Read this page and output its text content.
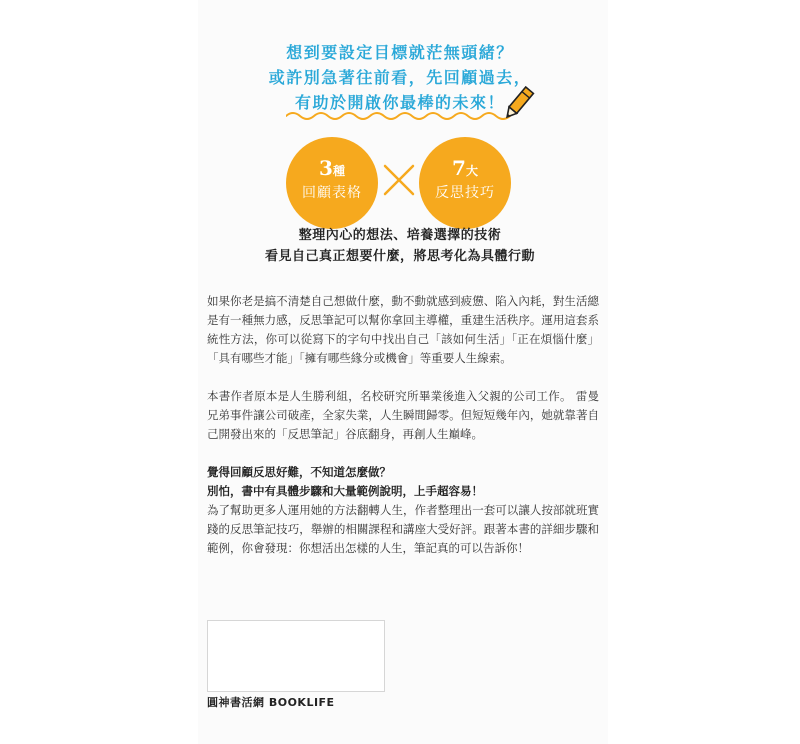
想到要設定目標就茫無頭緒？
或許別急著往前看，先回顧過去，
有助於開啟你最棒的未來！
3種
回顧表格
7大
反思技巧
整理內心的想法、培養選擇的技術
看見自己真正想要什麼，將思考化為具體行動

如果你老是搞不清楚自己想做什麼，動不動就感到疲憊、陷入內耗，對生活總是有一種無力感，反思筆記可以幫你拿回主導權，重建生活秩序。運用這套系統性方法，你可以從寫下的字句中找出自己「該如何生活」「正在煩惱什麼」「具有哪些才能」「擁有哪些緣分或機會」等重要人生線索。

本書作者原本是人生勝利組，名校研究所畢業後進入父親的公司工作。 雷曼兄弟事件讓公司破產，全家失業，人生瞬間歸零。但短短幾年內，她就靠著自己開發出來的「反思筆記」谷底翻身，再創人生巔峰。

覺得回顧反思好難，不知道怎麼做？
別怕，書中有具體步驟和大量範例說明，上手超容易！
為了幫助更多人運用她的方法翻轉人生，作者整理出一套可以讓人按部就班實踐的反思筆記技巧，舉辦的相關課程和講座大受好評。跟著本書的詳細步驟和範例，你會發現：你想活出怎樣的人生，筆記真的可以告訴你！

圓神書活網 BOOKLIFE
